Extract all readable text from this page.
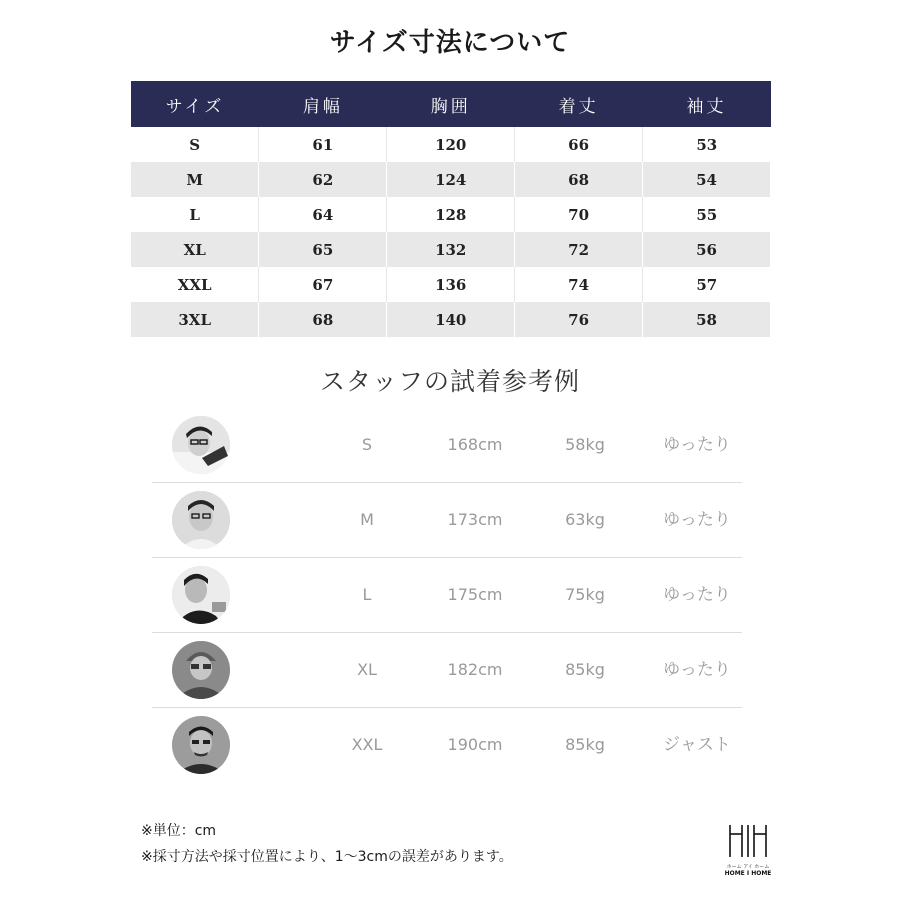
サイズ寸法について
サイズ	肩幅	胸囲	着丈	袖丈
S	61	120	66	53
M	62	124	68	54
L	64	128	70	55
XL	65	132	72	56
XXL	67	136	74	57
3XL	68	140	76	58
スタッフの試着参考例
S	168cm	58kg	ゆったり
M	173cm	63kg	ゆったり
L	175cm	75kg	ゆったり
XL	182cm	85kg	ゆったり
XXL	190cm	85kg	ジャスト
※単位：cm
※採寸方法や採寸位置により、1～3cmの誤差があります。
ホーム アイ ホーム
HOME I HOME
